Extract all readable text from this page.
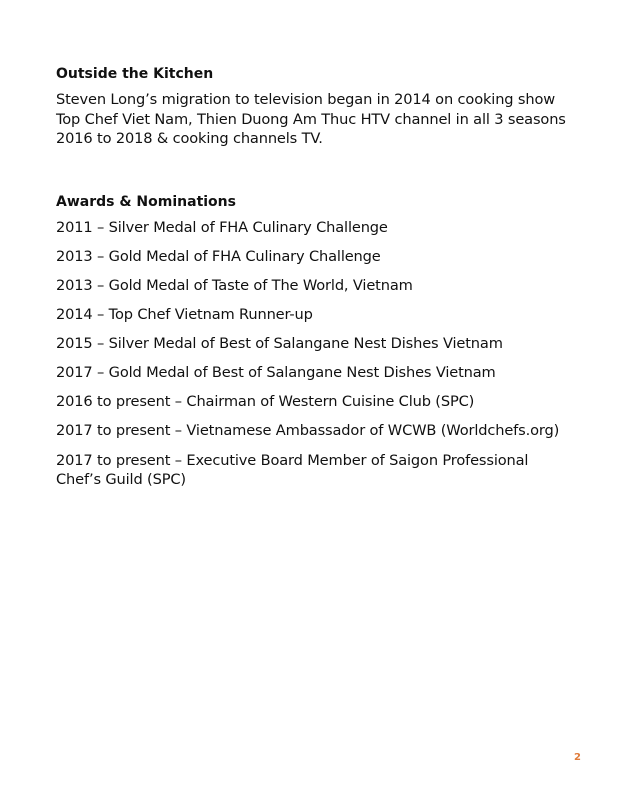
Outside the Kitchen

Steven Long’s migration to television began in 2014 on cooking show Top Chef Viet Nam, Thien Duong Am Thuc HTV channel in all 3 seasons 2016 to 2018 & cooking channels TV.

Awards & Nominations
2011 – Silver Medal of FHA Culinary Challenge
2013 – Gold Medal of FHA Culinary Challenge
2013 – Gold Medal of Taste of The World, Vietnam
2014 – Top Chef Vietnam Runner-up
2015 – Silver Medal of Best of Salangane Nest Dishes Vietnam
2017 – Gold Medal of Best of Salangane Nest Dishes Vietnam
2016 to present – Chairman of Western Cuisine Club (SPC)
2017 to present – Vietnamese Ambassador of WCWB (Worldchefs.org)
2017 to present – Executive Board Member of Saigon Professional Chef’s Guild (SPC)
2
